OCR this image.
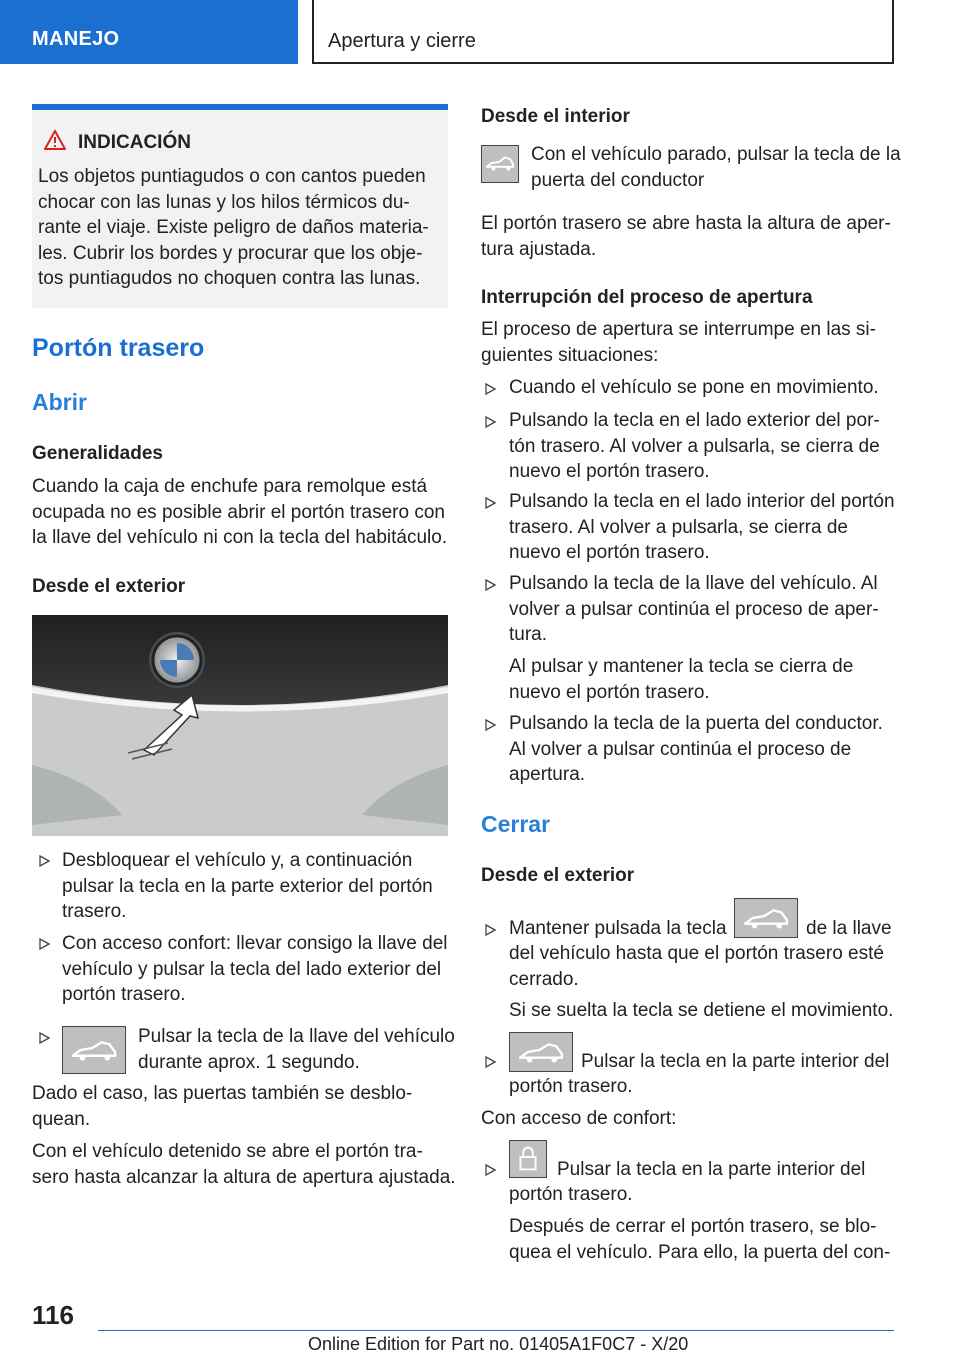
MANEJO	Apertura y cierre
INDICACIÓN
Los objetos puntiagudos o con cantos pueden
chocar con las lunas y los hilos térmicos du-
rante el viaje. Existe peligro de daños materia-
les. Cubrir los bordes y procurar que los obje-
tos puntiagudos no choquen contra las lunas.
Portón trasero
Abrir
Generalidades
Cuando la caja de enchufe para remolque está
ocupada no es posible abrir el portón trasero con
la llave del vehículo ni con la tecla del habitáculo.
Desde el exterior
Desbloquear el vehículo y, a continuación
pulsar la tecla en la parte exterior del portón
trasero.
Con acceso confort: llevar consigo la llave del
vehículo y pulsar la tecla del lado exterior del
portón trasero.
Pulsar la tecla de la llave del vehículo
durante aprox. 1 segundo.
Dado el caso, las puertas también se desblo-
quean.
Con el vehículo detenido se abre el portón tra-
sero hasta alcanzar la altura de apertura ajustada.
Desde el interior
Con el vehículo parado, pulsar la tecla de la
puerta del conductor
El portón trasero se abre hasta la altura de aper-
tura ajustada.
Interrupción del proceso de apertura
El proceso de apertura se interrumpe en las si-
guientes situaciones:
Cuando el vehículo se pone en movimiento.
Pulsando la tecla en el lado exterior del por-
tón trasero. Al volver a pulsarla, se cierra de
nuevo el portón trasero.
Pulsando la tecla en el lado interior del portón
trasero. Al volver a pulsarla, se cierra de
nuevo el portón trasero.
Pulsando la tecla de la llave del vehículo. Al
volver a pulsar continúa el proceso de aper-
tura.
Al pulsar y mantener la tecla se cierra de
nuevo el portón trasero.
Pulsando la tecla de la puerta del conductor.
Al volver a pulsar continúa el proceso de
apertura.
Cerrar
Desde el exterior
Mantener pulsada la tecla	de la llave
del vehículo hasta que el portón trasero esté
cerrado.
Si se suelta la tecla se detiene el movimiento.
Pulsar la tecla en la parte interior del
portón trasero.
Con acceso de confort:
Pulsar la tecla en la parte interior del
portón trasero.
Después de cerrar el portón trasero, se blo-
quea el vehículo. Para ello, la puerta del con-
116
Online Edition for Part no. 01405A1F0C7 - X/20
